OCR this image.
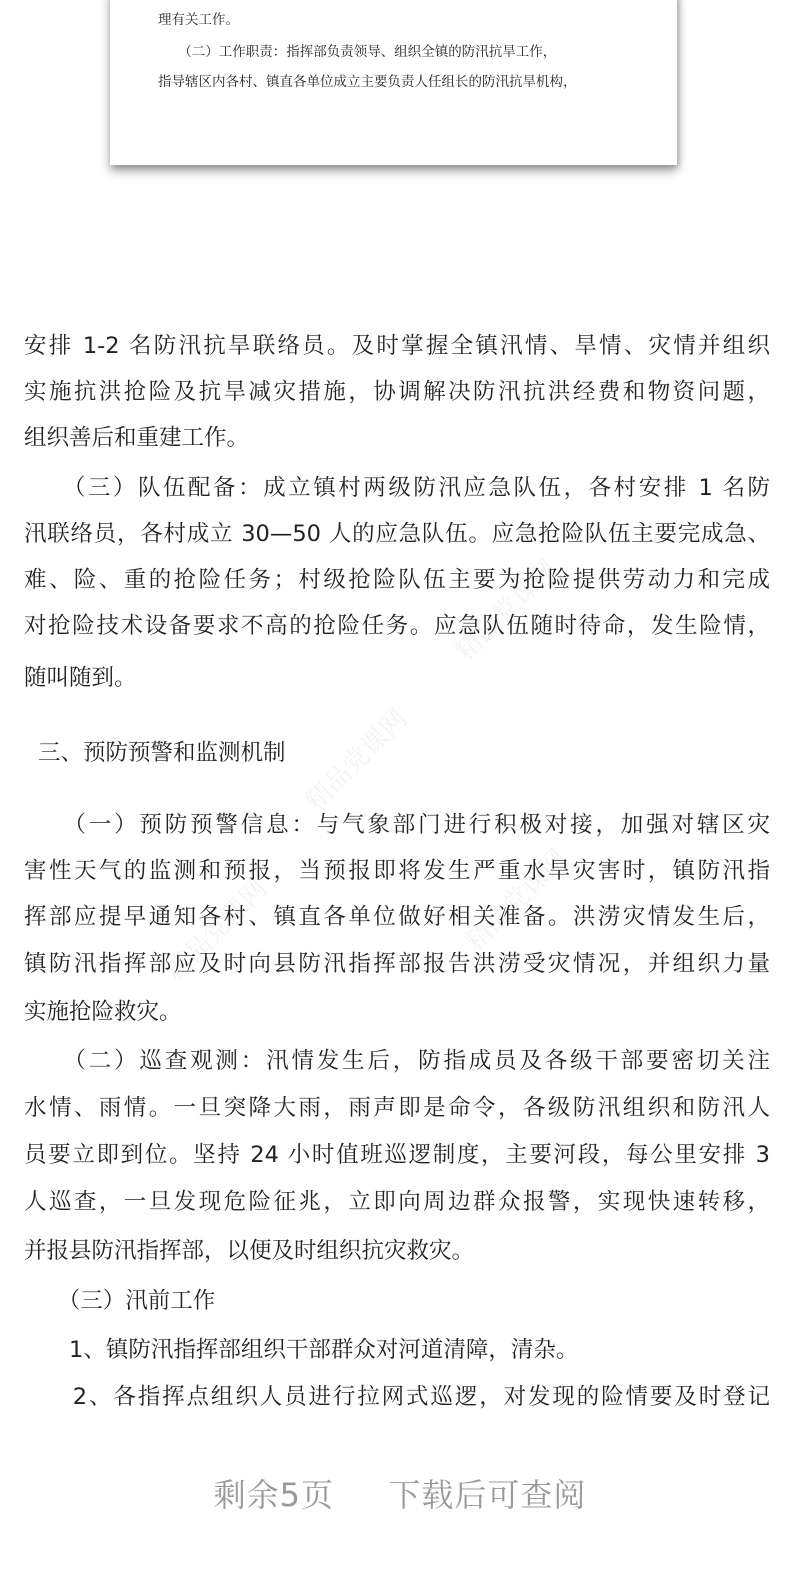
理有关工作。
　　（二）工作职责：指挥部负责领导、组织全镇的防汛抗旱工作，
指导辖区内各村、镇直各单位成立主要负责人任组长的防汛抗旱机构，
精品党课网
精品党课网
精品党课网	精品党课网
安排 1-2 名防汛抗旱联络员。及时掌握全镇汛情、旱情、灾情并组织
实施抗洪抢险及抗旱减灾措施，协调解决防汛抗洪经费和物资问题，
组织善后和重建工作。
　　（三）队伍配备：成立镇村两级防汛应急队伍，各村安排 1 名防
汛联络员，各村成立 30—50 人的应急队伍。应急抢险队伍主要完成急、
难、险、重的抢险任务；村级抢险队伍主要为抢险提供劳动力和完成
对抢险技术设备要求不高的抢险任务。应急队伍随时待命，发生险情，
随叫随到。
三、预防预警和监测机制
　　（一）预防预警信息：与气象部门进行积极对接，加强对辖区灾
害性天气的监测和预报，当预报即将发生严重水旱灾害时，镇防汛指
挥部应提早通知各村、镇直各单位做好相关准备。洪涝灾情发生后，
镇防汛指挥部应及时向县防汛指挥部报告洪涝受灾情况，并组织力量
实施抢险救灾。
　　（二）巡查观测：汛情发生后，防指成员及各级干部要密切关注
水情、雨情。一旦突降大雨，雨声即是命令，各级防汛组织和防汛人
员要立即到位。坚持 24 小时值班巡逻制度，主要河段，每公里安排 3
人巡查，一旦发现危险征兆，立即向周边群众报警，实现快速转移，
并报县防汛指挥部，以便及时组织抗灾救灾。
　　（三）汛前工作
　　1、镇防汛指挥部组织干部群众对河道清障，清杂。
　　2、各指挥点组织人员进行拉网式巡逻，对发现的险情要及时登记
剩余5页 下载后可查阅
